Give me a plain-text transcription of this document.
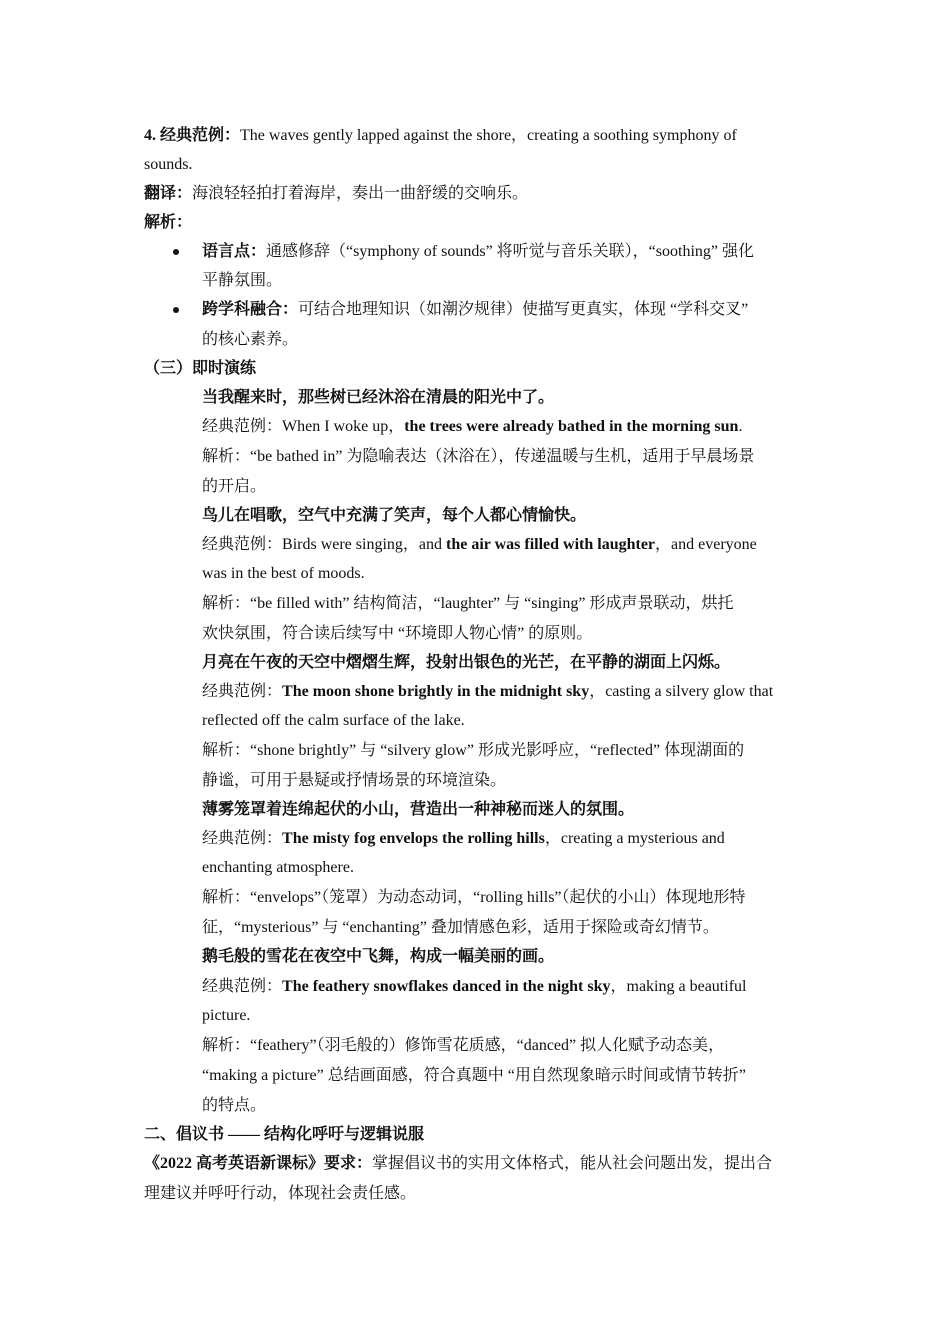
4. 经典范例：The waves gently lapped against the shore，creating a soothing symphony of
sounds.
翻译：海浪轻轻拍打着海岸，奏出一曲舒缓的交响乐。
解析：
语言点：通感修辞（“symphony of sounds” 将听觉与音乐关联），“soothing” 强化
平静氛围。
跨学科融合：可结合地理知识（如潮汐规律）使描写更真实，体现 “学科交叉”
的核心素养。
（三）即时演练
当我醒来时，那些树已经沐浴在清晨的阳光中了。
经典范例：When I woke up，the trees were already bathed in the morning sun.
解析：“be bathed in” 为隐喻表达（沐浴在），传递温暖与生机，适用于早晨场景
的开启。
鸟儿在唱歌，空气中充满了笑声，每个人都心情愉快。
经典范例：Birds were singing，and the air was filled with laughter，and everyone
was in the best of moods.
解析：“be filled with” 结构简洁，“laughter” 与 “singing” 形成声景联动，烘托
欢快氛围，符合读后续写中 “环境即人物心情” 的原则。
月亮在午夜的天空中熠熠生辉，投射出银色的光芒，在平静的湖面上闪烁。
经典范例：The moon shone brightly in the midnight sky，casting a silvery glow that
reflected off the calm surface of the lake.
解析：“shone brightly” 与 “silvery glow” 形成光影呼应，“reflected” 体现湖面的
静谧，可用于悬疑或抒情场景的环境渲染。
薄雾笼罩着连绵起伏的小山，营造出一种神秘而迷人的氛围。
经典范例：The misty fog envelops the rolling hills，creating a mysterious and
enchanting atmosphere.
解析：“envelops”（笼罩）为动态动词，“rolling hills”（起伏的小山）体现地形特
征，“mysterious” 与 “enchanting” 叠加情感色彩，适用于探险或奇幻情节。
鹅毛般的雪花在夜空中飞舞，构成一幅美丽的画。
经典范例：The feathery snowflakes danced in the night sky，making a beautiful
picture.
解析：“feathery”（羽毛般的）修饰雪花质感，“danced” 拟人化赋予动态美，
“making a picture” 总结画面感，符合真题中 “用自然现象暗示时间或情节转折”
的特点。
二、倡议书 —— 结构化呼吁与逻辑说服
《2022 高考英语新课标》要求：掌握倡议书的实用文体格式，能从社会问题出发，提出合
理建议并呼吁行动，体现社会责任感。
